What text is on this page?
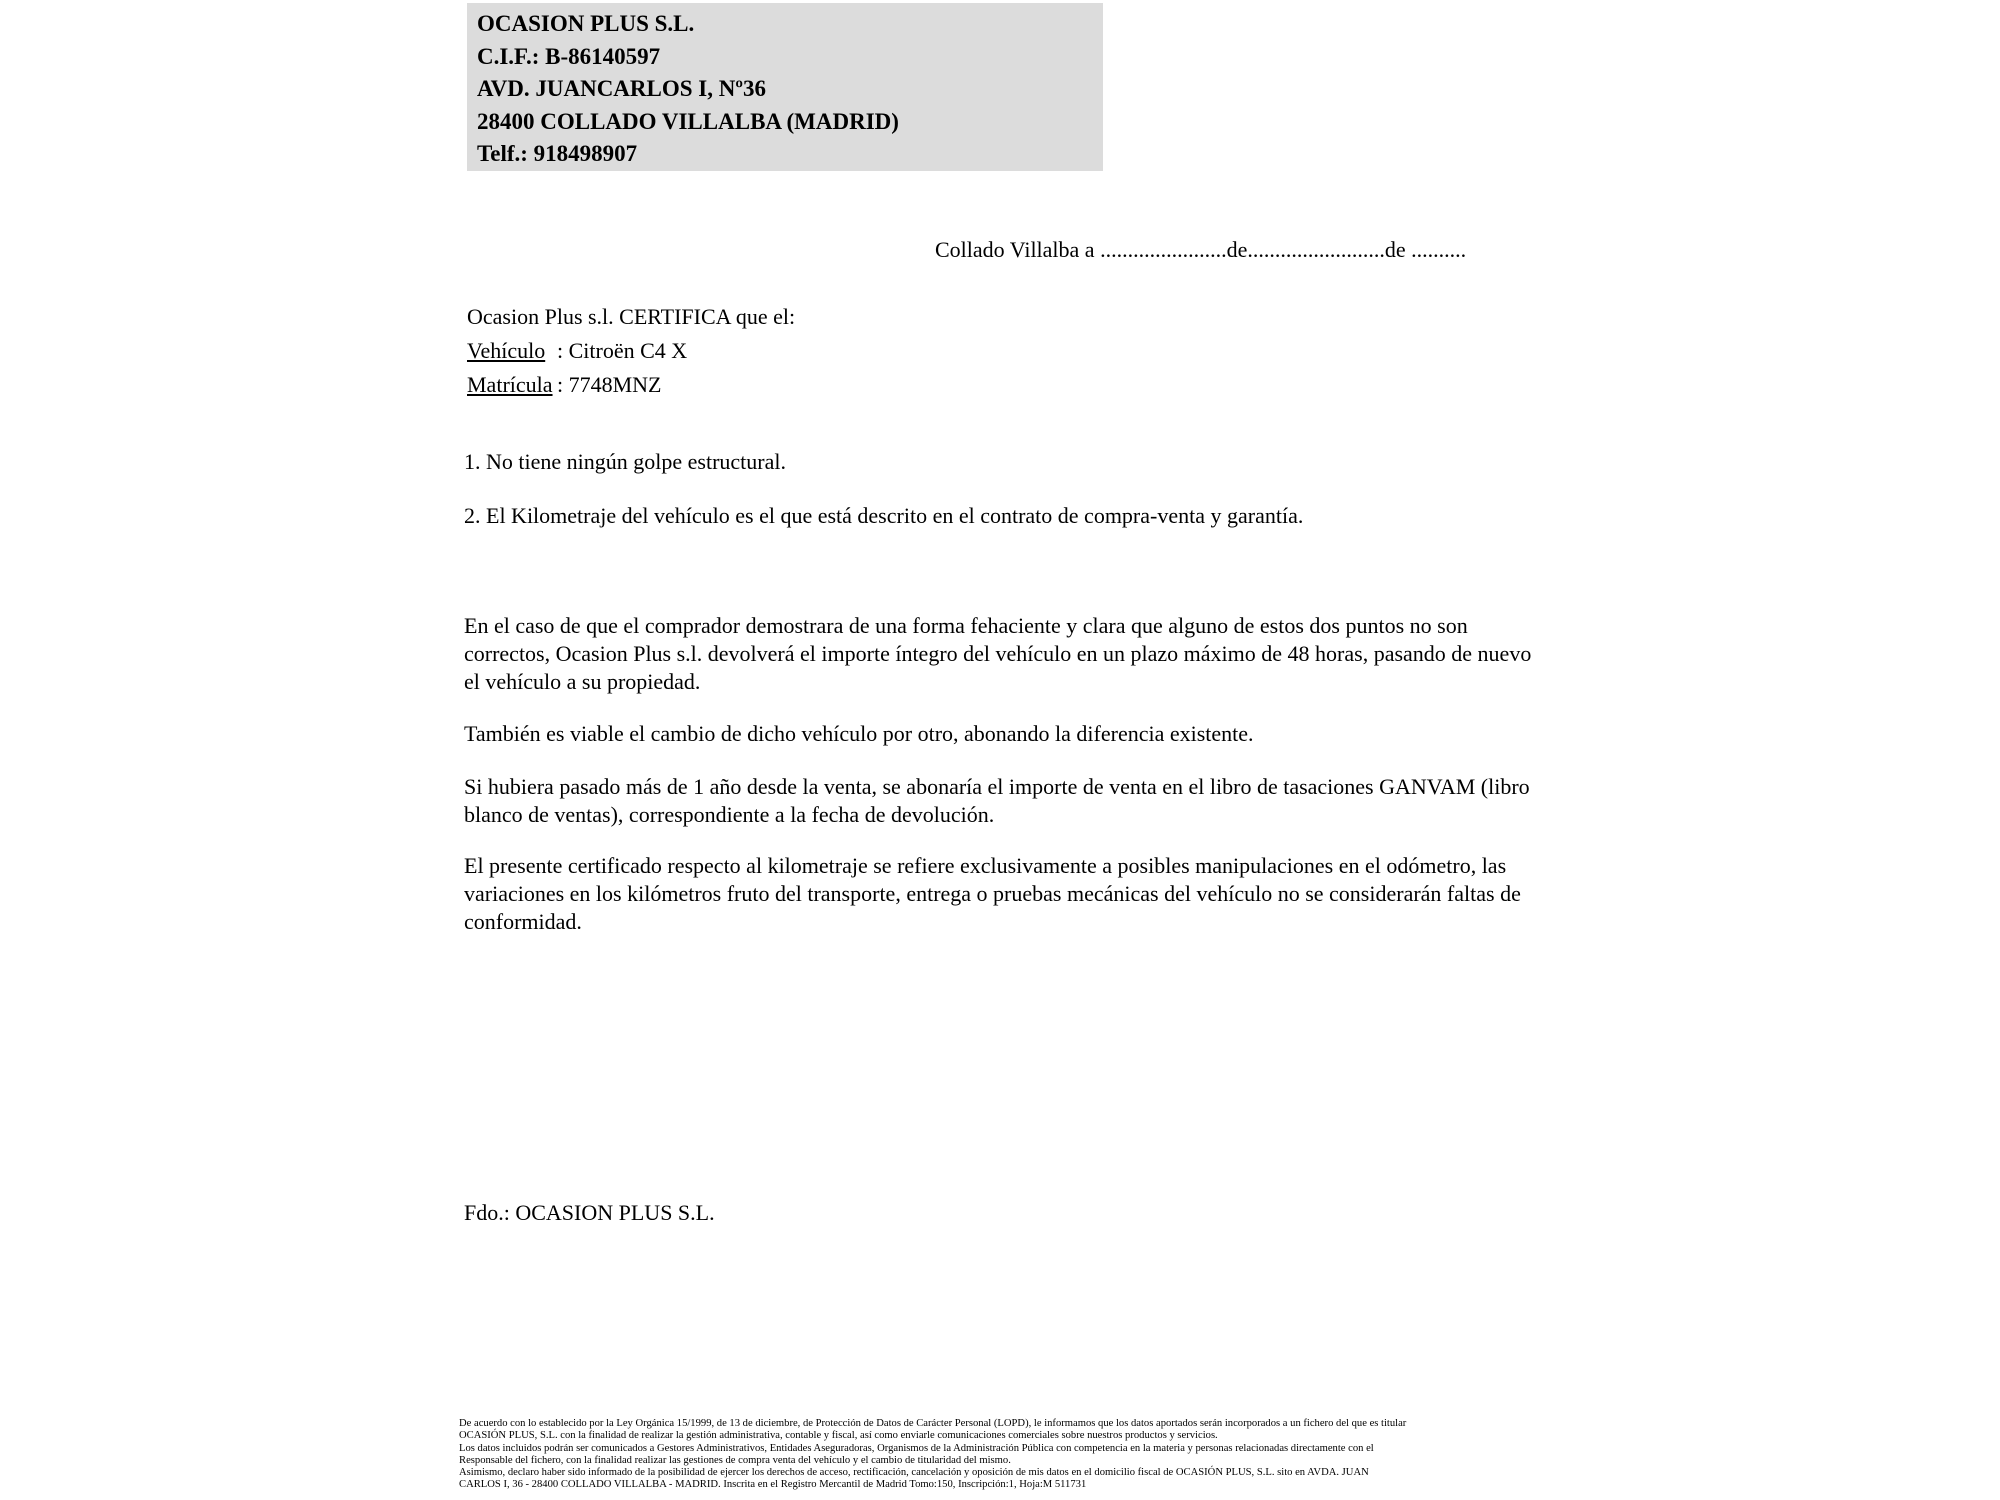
OCASION PLUS S.L.

C.I.F.: B-86140597

AVD. JUANCARLOS I, Nº36

28400 COLLADO VILLALBA (MADRID)

Telf.: 918498907

Collado Villalba a .......................de.........................de ..........

Ocasion Plus s.l. CERTIFICA que el:

Vehículo : Citroën C4 X

Matrícula : 7748MNZ

1. No tiene ningún golpe estructural.

2. El Kilometraje del vehículo es el que está descrito en el contrato de compra-venta y garantía.

En el caso de que el comprador demostrara de una forma fehaciente y clara que alguno de estos dos puntos no son correctos, Ocasion Plus s.l. devolverá el importe íntegro del vehículo en un plazo máximo de 48 horas, pasando de nuevo el vehículo a su propiedad.

También es viable el cambio de dicho vehículo por otro, abonando la diferencia existente.

Si hubiera pasado más de 1 año desde la venta, se abonaría el importe de venta en el libro de tasaciones GANVAM (libro blanco de ventas), correspondiente a la fecha de devolución.

El presente certificado respecto al kilometraje se refiere exclusivamente a posibles manipulaciones en el odómetro, las variaciones en los kilómetros fruto del transporte, entrega o pruebas mecánicas del vehículo no se considerarán faltas de conformidad.

Fdo.: OCASION PLUS S.L.

De acuerdo con lo establecido por la Ley Orgánica 15/1999, de 13 de diciembre, de Protección de Datos de Carácter Personal (LOPD), le informamos que los datos aportados serán incorporados a un fichero del que es titular

OCASIÓN PLUS, S.L. con la finalidad de realizar la gestión administrativa, contable y fiscal, así como enviarle comunicaciones comerciales sobre nuestros productos y servicios.

Los datos incluidos podrán ser comunicados a Gestores Administrativos, Entidades Aseguradoras, Organismos de la Administración Pública con competencia en la materia y personas relacionadas directamente con el

Responsable del fichero, con la finalidad realizar las gestiones de compra venta del vehículo y el cambio de titularidad del mismo.

Asimismo, declaro haber sido informado de la posibilidad de ejercer los derechos de acceso, rectificación, cancelación y oposición de mis datos en el domicilio fiscal de OCASIÓN PLUS, S.L. sito en AVDA. JUAN

CARLOS I, 36 - 28400 COLLADO VILLALBA - MADRID. Inscrita en el Registro Mercantil de Madrid Tomo:150, Inscripción:1, Hoja:M 511731
